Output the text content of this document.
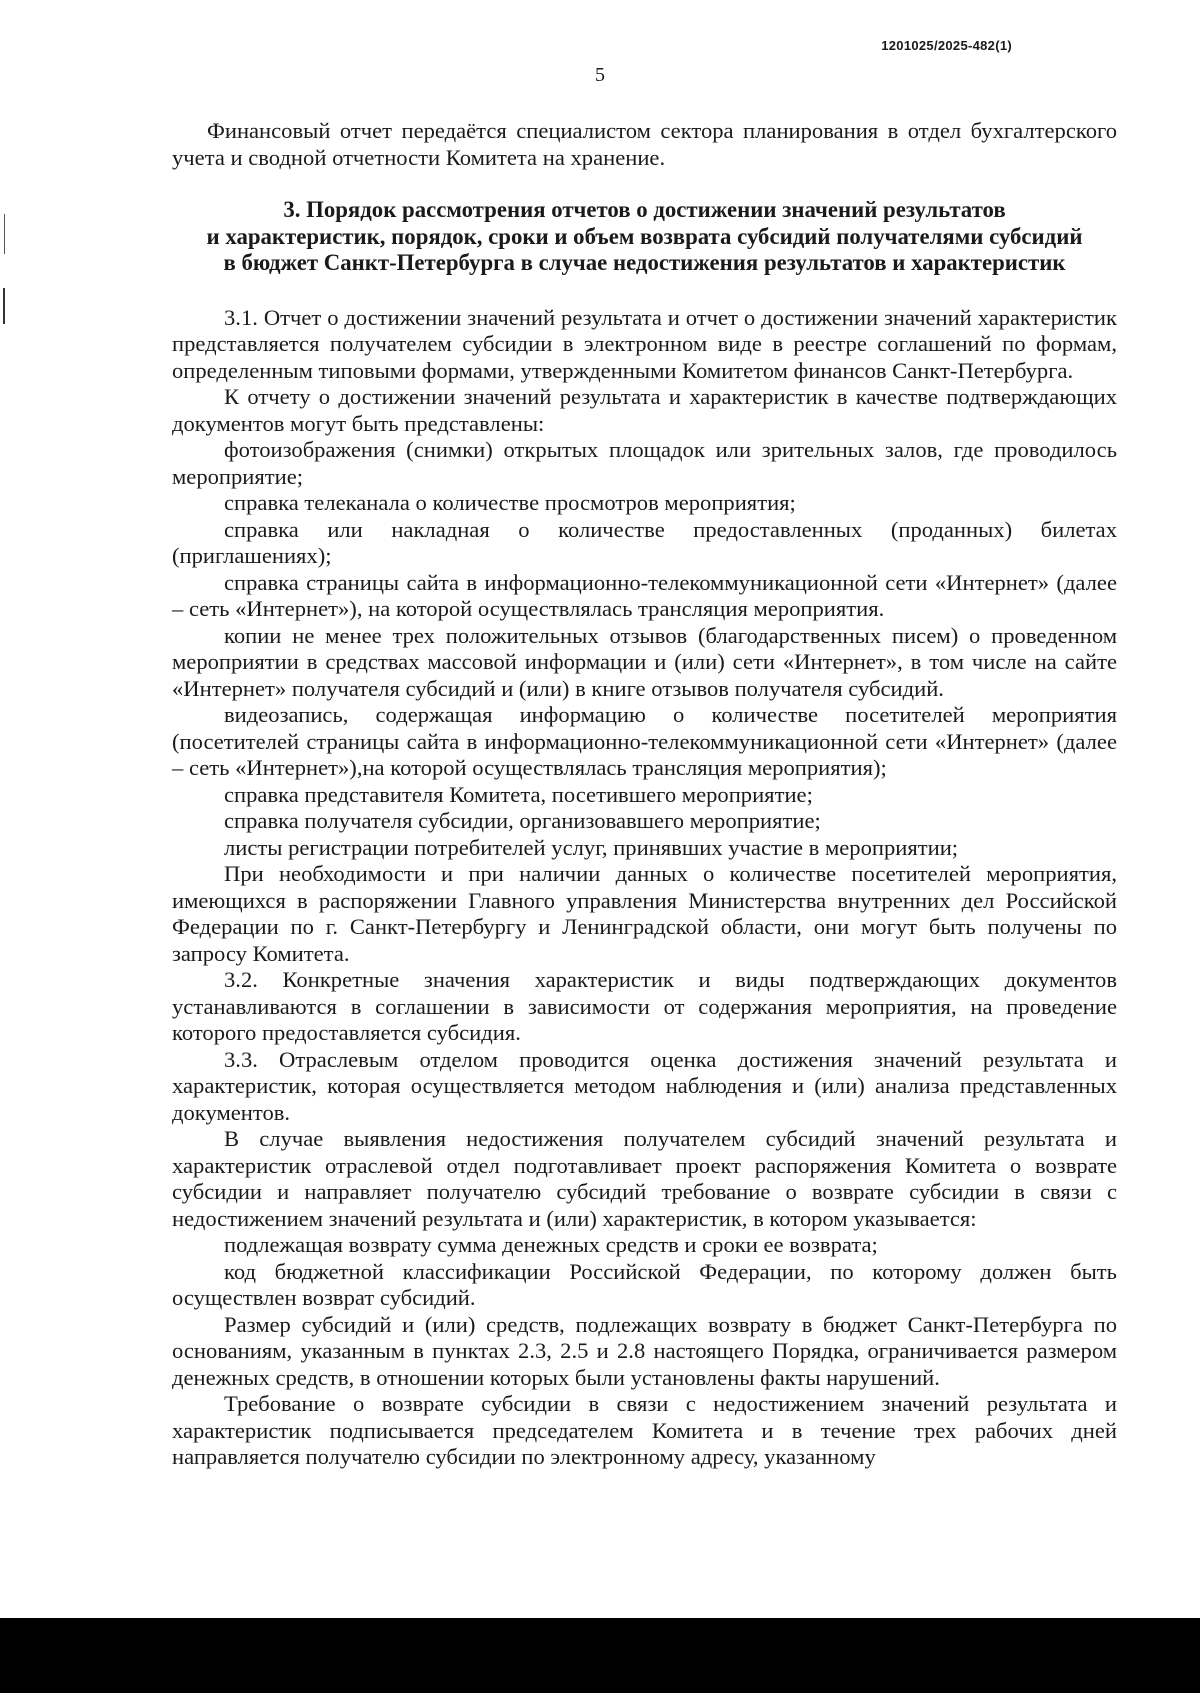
1201025/2025-482(1)
5

Финансовый отчет передаётся специалистом сектора планирования в отдел бухгалтерского учета и сводной отчетности Комитета на хранение.

3. Порядок рассмотрения отчетов о достижении значений результатов
и характеристик, порядок, сроки и объем возврата субсидий получателями субсидий
в бюджет Санкт-Петербурга в случае недостижения результатов и характеристик

3.1. Отчет о достижении значений результата и отчет о достижении значений характеристик представляется получателем субсидии в электронном виде в реестре соглашений по формам, определенным типовыми формами, утвержденными Комитетом финансов Санкт-Петербурга.

К отчету о достижении значений результата и характеристик в качестве подтверждающих документов могут быть представлены:

фотоизображения (снимки) открытых площадок или зрительных залов, где проводилось мероприятие;

справка телеканала о количестве просмотров мероприятия;

справка или накладная о количестве предоставленных (проданных) билетах (приглашениях);

справка страницы сайта в информационно-телекоммуникационной сети «Интернет» (далее – сеть «Интернет»), на которой осуществлялась трансляция мероприятия.

копии не менее трех положительных отзывов (благодарственных писем) о проведенном мероприятии в средствах массовой информации и (или) сети «Интернет», в том числе на сайте «Интернет» получателя субсидий и (или) в книге отзывов получателя субсидий.

видеозапись, содержащая информацию о количестве посетителей мероприятия (посетителей страницы сайта в информационно-телекоммуникационной сети «Интернет» (далее – сеть «Интернет»),на которой осуществлялась трансляция мероприятия);

справка представителя Комитета, посетившего мероприятие;

справка получателя субсидии, организовавшего мероприятие;

листы регистрации потребителей услуг, принявших участие в мероприятии;

При необходимости и при наличии данных о количестве посетителей мероприятия, имеющихся в распоряжении Главного управления Министерства внутренних дел Российской Федерации по г. Санкт-Петербургу и Ленинградской области, они могут быть получены по запросу Комитета.

3.2. Конкретные значения характеристик и виды подтверждающих документов устанавливаются в соглашении в зависимости от содержания мероприятия, на проведение которого предоставляется субсидия.

3.3. Отраслевым отделом проводится оценка достижения значений результата и характеристик, которая осуществляется методом наблюдения и (или) анализа представленных документов.

В случае выявления недостижения получателем субсидий значений результата и характеристик отраслевой отдел подготавливает проект распоряжения Комитета о возврате субсидии и направляет получателю субсидий требование о возврате субсидии в связи с недостижением значений результата и (или) характеристик, в котором указывается:

подлежащая возврату сумма денежных средств и сроки ее возврата;

код бюджетной классификации Российской Федерации, по которому должен быть осуществлен возврат субсидий.

Размер субсидий и (или) средств, подлежащих возврату в бюджет Санкт-Петербурга по основаниям, указанным в пунктах 2.3, 2.5 и 2.8 настоящего Порядка, ограничивается размером денежных средств, в отношении которых были установлены факты нарушений.

Требование о возврате субсидии в связи с недостижением значений результата и характеристик подписывается председателем Комитета и в течение трех рабочих дней направляется получателю субсидии по электронному адресу, указанному
